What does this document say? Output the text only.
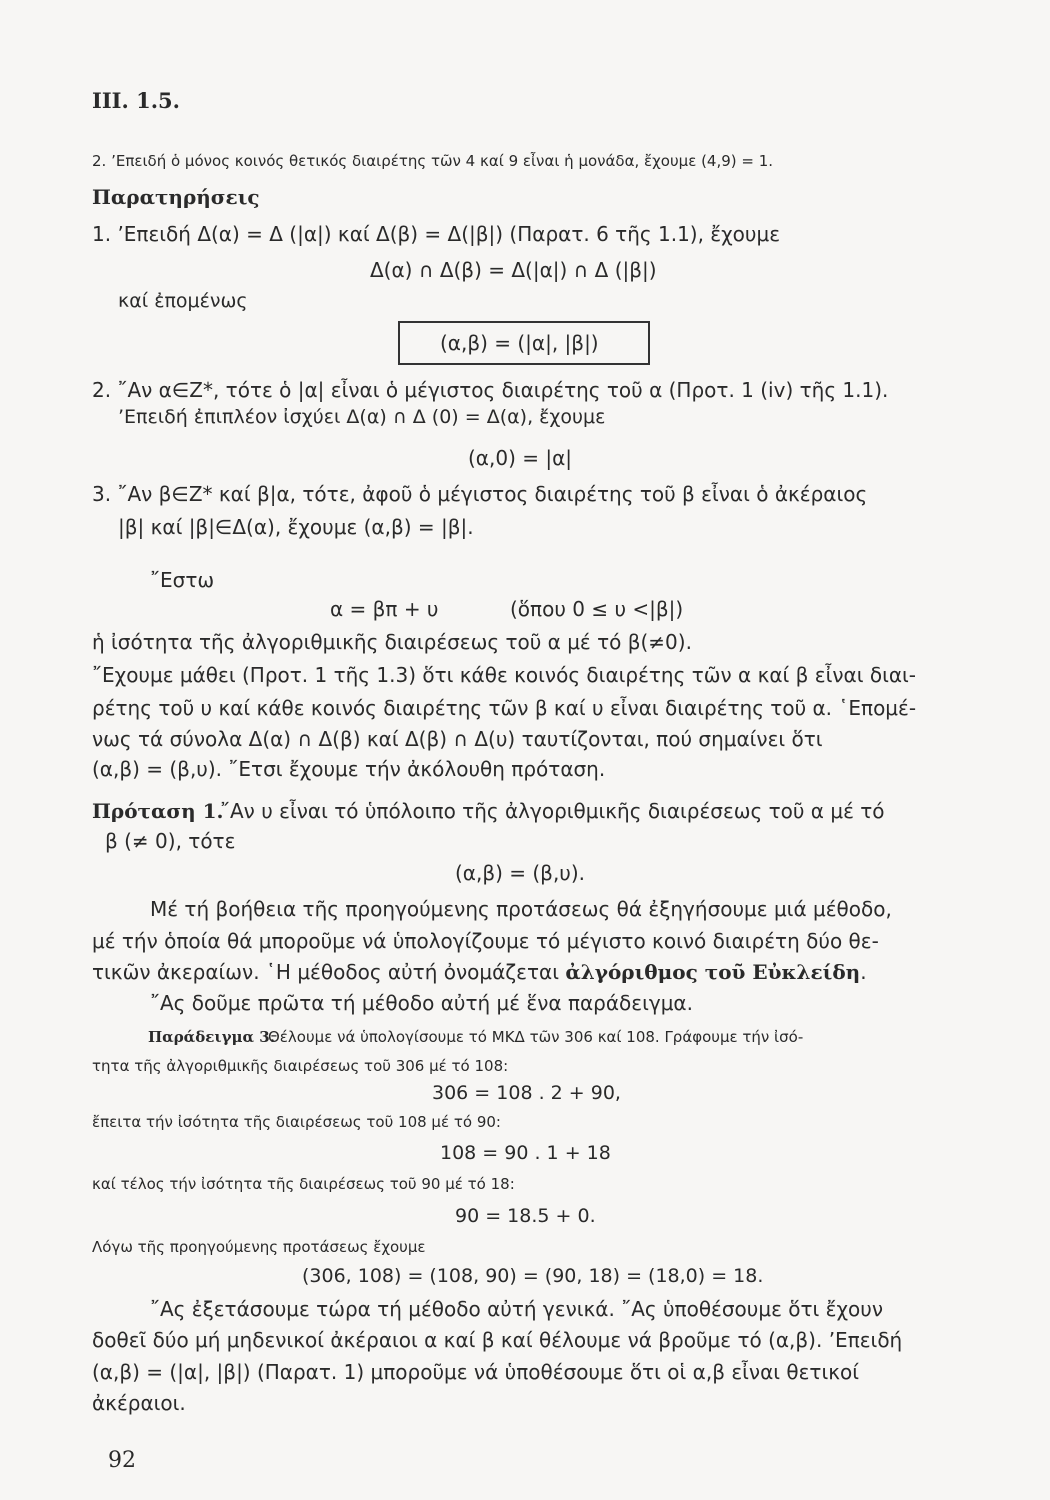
III. 1.5.
2. ’Επειδή ὁ μόνος κοινός θετικός διαιρέτης τῶν 4 καί 9 εἶναι ἡ μονάδα, ἔχουμε (4,9) = 1.
Παρατηρήσεις
1. ’Επειδή Δ(α) = Δ (|α|) καί Δ(β) = Δ(|β|) (Παρατ. 6 τῆς 1.1), ἔχουμε
Δ(α) ∩ Δ(β) = Δ(|α|) ∩ Δ (|β|)
καί ἐπομένως
(α,β) = (|α|, |β|)
2. ῎Αν α∈Z*, τότε ὁ |α| εἶναι ὁ μέγιστος διαιρέτης τοῦ α (Προτ. 1 (iv) τῆς 1.1).
’Επειδή ἐπιπλέον ἰσχύει Δ(α) ∩ Δ (0) = Δ(α), ἔχουμε
(α,0) = |α|
3. ῎Αν β∈Z* καί β|α, τότε, ἀφοῦ ὁ μέγιστος διαιρέτης τοῦ β εἶναι ὁ ἀκέραιος
|β| καί |β|∈Δ(α), ἔχουμε (α,β) = |β|.
῎Εστω
α = βπ + υ	(ὅπου 0 ≤ υ <|β|)
ἡ ἰσότητα τῆς ἀλγοριθμικῆς διαιρέσεως τοῦ α μέ τό β(≠0).
῎Εχουμε μάθει (Προτ. 1 τῆς 1.3) ὅτι κάθε κοινός διαιρέτης τῶν α καί β εἶναι διαι-
ρέτης τοῦ υ καί κάθε κοινός διαιρέτης τῶν β καί υ εἶναι διαιρέτης τοῦ α. ῾Επομέ-
νως τά σύνολα Δ(α) ∩ Δ(β) καί Δ(β) ∩ Δ(υ) ταυτίζονται, πού σημαίνει ὅτι
(α,β) = (β,υ). ῎Ετσι ἔχουμε τήν ἀκόλουθη πρόταση.
Πρόταση 1.
῎Αν υ εἶναι τό ὑπόλοιπο τῆς ἀλγοριθμικῆς διαιρέσεως τοῦ α μέ τό
β (≠ 0), τότε
(α,β) = (β,υ).
Μέ τή βοήθεια τῆς προηγούμενης προτάσεως θά ἐξηγήσουμε μιά μέθοδο,
μέ τήν ὁποία θά μποροῦμε νά ὑπολογίζουμε τό μέγιστο κοινό διαιρέτη δύο θε-
τικῶν ἀκεραίων. ῾Η μέθοδος αὐτή ὀνομάζεται ἀλγόριθμος τοῦ Εὐκλείδη.
῎Ας δοῦμε πρῶτα τή μέθοδο αὐτή μέ ἕνα παράδειγμα.
Παράδειγμα 3.
Θέλουμε νά ὑπολογίσουμε τό ΜΚΔ τῶν 306 καί 108. Γράφουμε τήν ἰσό-
τητα τῆς ἀλγοριθμικῆς διαιρέσεως τοῦ 306 μέ τό 108:
306 = 108 . 2 + 90,
ἔπειτα τήν ἰσότητα τῆς διαιρέσεως τοῦ 108 μέ τό 90:
108 = 90 . 1 + 18
καί τέλος τήν ἰσότητα τῆς διαιρέσεως τοῦ 90 μέ τό 18:
90 = 18.5 + 0.
Λόγω τῆς προηγούμενης προτάσεως ἔχουμε
(306, 108) = (108, 90) = (90, 18) = (18,0) = 18.
῎Ας ἐξετάσουμε τώρα τή μέθοδο αὐτή γενικά. ῎Ας ὑποθέσουμε ὅτι ἔχουν
δοθεῖ δύο μή μηδενικοί ἀκέραιοι α καί β καί θέλουμε νά βροῦμε τό (α,β). ’Επειδή
(α,β) = (|α|, |β|) (Παρατ. 1) μποροῦμε νά ὑποθέσουμε ὅτι οἱ α,β εἶναι θετικοί
ἀκέραιοι.
92
